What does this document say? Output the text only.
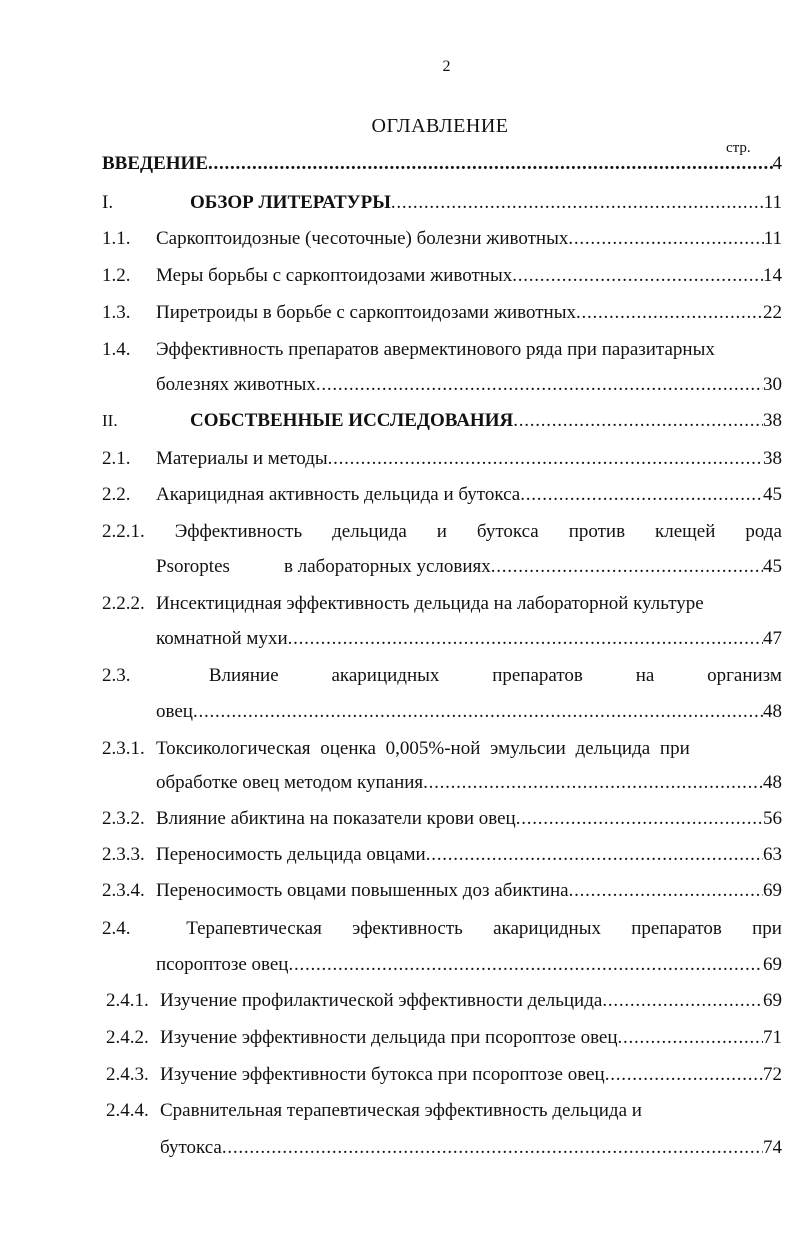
2
ОГЛАВЛЕНИЕ
стр.
ВВЕДЕНИЕ . . .	4
I.	ОБЗОР ЛИТЕРАТУРЫ . . .	11
1.1.	Саркоптоидозные (чесоточные) болезни животных . . .	11
1.2.	Меры борьбы с саркоптоидозами животных . . .	14
1.3.	Пиретроиды в борьбе с саркоптоидозами животных . . .	22
1.4.	Эффективность препаратов авермектинового ряда при паразитарных
болезнях животных . . .	30
II.	СОБСТВЕННЫЕ ИССЛЕДОВАНИЯ . . .	38
2.1.	Материалы и методы . . .	38
2.2.	Акарицидная активность дельцида и бутокса . . .	45
2.2.1. Эффективность дельцида и бутокса против клещей рода
Psoroptes	в лабораторных условиях . . .	45
2.2.2. Инсектицидная эффективность дельцида на лабораторной культуре
комнатной мухи . . .	47
2.3.	Влияние	акарицидных	препаратов	на	организм
овец . . .	48
2.3.1. Токсикологическая оценка 0,005%-ной эмульсии дельцида при
обработке овец методом купания . . .	48
2.3.2. Влияние абиктина на показатели крови овец . . .	56
2.3.3. Переносимость дельцида овцами . . .	63
2.3.4. Переносимость овцами повышенных доз абиктина . . .	69
2.4.	Терапевтическая эфективность акарицидных препаратов при
псороптозе овец . . .	69
2.4.1. Изучение профилактической эффективности дельцида . . .	69
2.4.2. Изучение эффективности дельцида при псороптозе овец . . .	71
2.4.3. Изучение эффективности бутокса при псороптозе овец . . .	72
2.4.4. Сравнительная терапевтическая эффективность дельцида и
бутокса . . .	74
